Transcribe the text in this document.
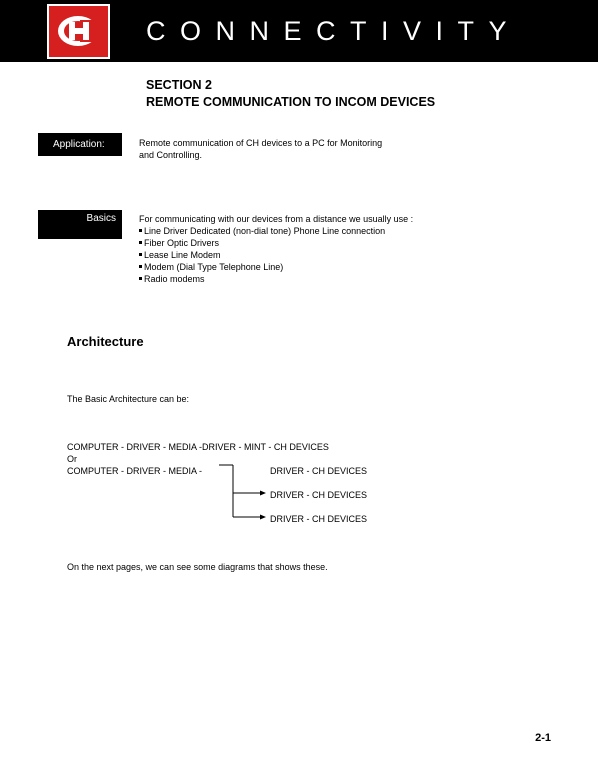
CONNECTIVITY
SECTION 2
REMOTE COMMUNICATION TO INCOM DEVICES
Application:	Remote communication of CH devices to a PC for Monitoring and Controlling.
Basics	For communicating with our devices from a distance we usually use :
Line Driver Dedicated (non-dial tone) Phone Line connection
Fiber Optic Drivers
Lease Line Modem
Modem (Dial Type Telephone Line)
Radio modems
Architecture
The Basic Architecture can be:
COMPUTER - DRIVER - MEDIA -DRIVER - MINT - CH DEVICES
Or
COMPUTER - DRIVER - MEDIA -	DRIVER - CH DEVICES
DRIVER - CH DEVICES
DRIVER - CH DEVICES
On the next pages, we can see some diagrams that shows these.
2-1
